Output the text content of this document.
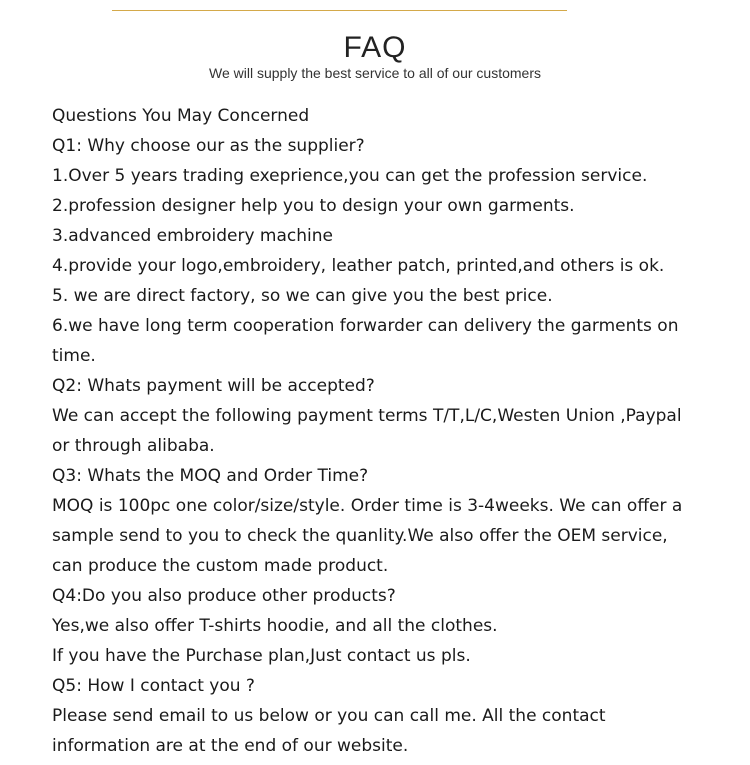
FAQ
We will supply the best service to all of our customers
Questions You May Concerned
Q1: Why choose our as the supplier?
1.Over 5 years trading exeprience,you can get the profession service.
2.profession designer help you to design your own garments.
3.advanced embroidery machine
4.provide your logo,embroidery, leather patch, printed,and others is ok.
5. we are direct factory, so we can give you the best price.
6.we have long term cooperation forwarder can delivery the garments on
time.
Q2: Whats payment will be accepted?
We can accept the following payment terms T/T,L/C,Westen Union ,Paypal
or through alibaba.
Q3: Whats the MOQ and Order Time?
MOQ is 100pc one color/size/style. Order time is 3-4weeks. We can offer a
sample send to you to check the quanlity.We also offer the OEM service,
can produce the custom made product.
Q4:Do you also produce other products?
Yes,we also offer T-shirts hoodie, and all the clothes.
If you have the Purchase plan,Just contact us pls.
Q5: How I contact you ?
Please send email to us below or you can call me. All the contact
information are at the end of our website.
